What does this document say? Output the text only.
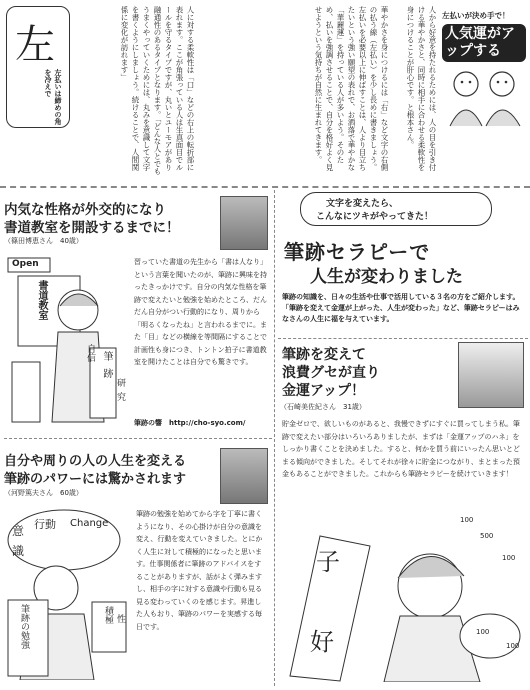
左
左払いは締めの角を冷えで	人に対する柔軟性は「口」などの右上の転折部に表れます。ここが角張っている人は生真面目でルールを守るタイプですが、丸いとユーモアがあり融通性のあるタイプとなります。「どんな人とでもうまくやっていくためには、丸みを意識して文字を書くようにしましょう。続けることで、人間関係に変化が訪れます」	華やかさを身につけるには「右」など文字の右側の払う線（左払い）を少し長めに書きましょう。左払いを必要以上に伸ばすことは、人より目立ちたいという強い願望の表れで、お洒落で華やかな「華麗運」を持っている人が多いよう。そのため、払いを強調させることで、自分を格好よく見せようという気持ちが自然に生まれてきます。	人から好意を持たれるためには、人の目を引き付ける華やかさと、同時に相手に合わせる柔軟性を身につけることが肝心です。と根本さん。	左払いが決め手で！
人気運がアップする
内気な性格が外交的になり
書道教室を開設するまでに！
（篠田博恵さん　40歳）
Open
書道教室
自信 筆
跡
研
究
習っていた書道の先生から「書は人なり」という言葉を聞いたのが、筆跡に興味を持ったきっかけです。自分の内気な性格を筆跡で変えたいと勉強を始めたところ、だんだん自分がつい行動的になり、周りから「明るくなったね」と言われるまでに。また「目」などの横線を等間隔にすることで計画性も身につき、トントン拍子に書道教室を開けたことは自分でも驚きです。
筆跡の響　http://cho-syo.com/
自分や周りの人の人生を変える
筆跡のパワーには驚かされます
（河野篤夫さん　60歳）
意
識
行動 Change
積極 性
筆跡の勉強
筆跡の勉強を始めてから字を丁寧に書くようになり、その心掛けが自分の意識を変え、行動を変えていきました。とにかく人生に対して積極的になったと思います。仕事関係者に筆跡のアドバイスをすることがありますが、話がよく弾みますし、相手の字に対する意識や行動も見る見る変わっていくのを感じます。昇進した人もおり、筆跡のパワーを実感する毎日です。
文字を変えたら、
こんなにツキがやってきた！
筆跡セラピーで
人生が変わりました
筆跡の知識を、日々の生活や仕事で活用している３名の方をご紹介します。「筆跡を変えて金運が上がった、人生が変わった」など、筆跡セラピーはみなさんの人生に福を与えています。
筆跡を変えて
浪費グセが直り
金運アップ！
（石崎美佐紀さん　31歳）
貯金ゼロで、欲しいものがあると、我慢できずにすぐに買ってしまう私。筆跡で変えたい部分はいろいろありましたが、まずは「金運アップのハネ」をしっかり書くことを決めました。すると、何かを買う前にいったん思いとどまる傾向ができました。そしてそれが徐々に貯金につながり、まとまった預金もあることができました。これからも筆跡セラピーを続けていきます！
子
好
100
500
100
100
100
